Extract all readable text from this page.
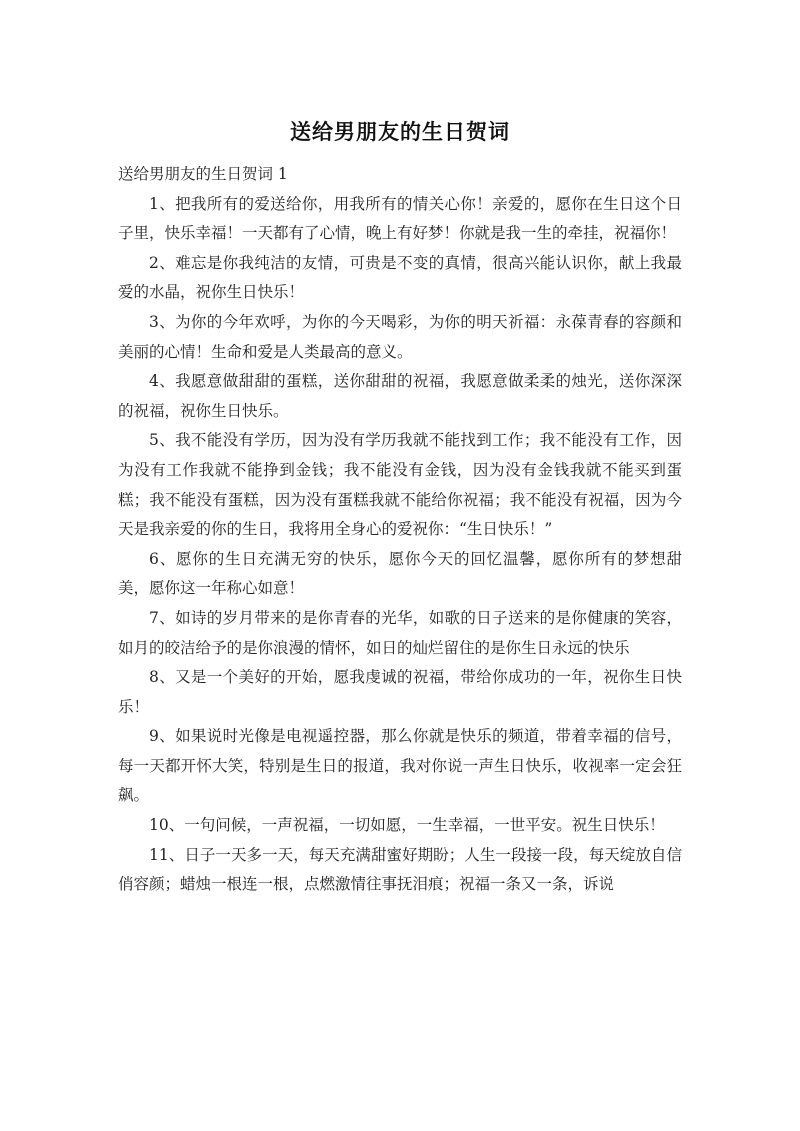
送给男朋友的生日贺词

送给男朋友的生日贺词 1

1、把我所有的爱送给你，用我所有的情关心你！亲爱的，愿你在生日这个日子里，快乐幸福！一天都有了心情，晚上有好梦！你就是我一生的牵挂，祝福你！

2、难忘是你我纯洁的友情，可贵是不变的真情，很高兴能认识你，献上我最爱的水晶，祝你生日快乐！

3、为你的今年欢呼，为你的今天喝彩，为你的明天祈福：永葆青春的容颜和美丽的心情！生命和爱是人类最高的意义。

4、我愿意做甜甜的蛋糕，送你甜甜的祝福，我愿意做柔柔的烛光，送你深深的祝福，祝你生日快乐。

5、我不能没有学历，因为没有学历我就不能找到工作；我不能没有工作，因为没有工作我就不能挣到金钱；我不能没有金钱，因为没有金钱我就不能买到蛋糕；我不能没有蛋糕，因为没有蛋糕我就不能给你祝福；我不能没有祝福，因为今天是我亲爱的你的生日，我将用全身心的爱祝你：“生日快乐！”

6、愿你的生日充满无穷的快乐，愿你今天的回忆温馨，愿你所有的梦想甜美，愿你这一年称心如意！

7、如诗的岁月带来的是你青春的光华，如歌的日子送来的是你健康的笑容，如月的皎洁给予的是你浪漫的情怀，如日的灿烂留住的是你生日永远的快乐

8、又是一个美好的开始，愿我虔诚的祝福，带给你成功的一年，祝你生日快乐！

9、如果说时光像是电视遥控器，那么你就是快乐的频道，带着幸福的信号，每一天都开怀大笑，特别是生日的报道，我对你说一声生日快乐，收视率一定会狂飙。

10、一句问候，一声祝福，一切如愿，一生幸福，一世平安。祝生日快乐！

11、日子一天多一天，每天充满甜蜜好期盼；人生一段接一段，每天绽放自信俏容颜；蜡烛一根连一根，点燃激情往事抚泪痕；祝福一条又一条，诉说
